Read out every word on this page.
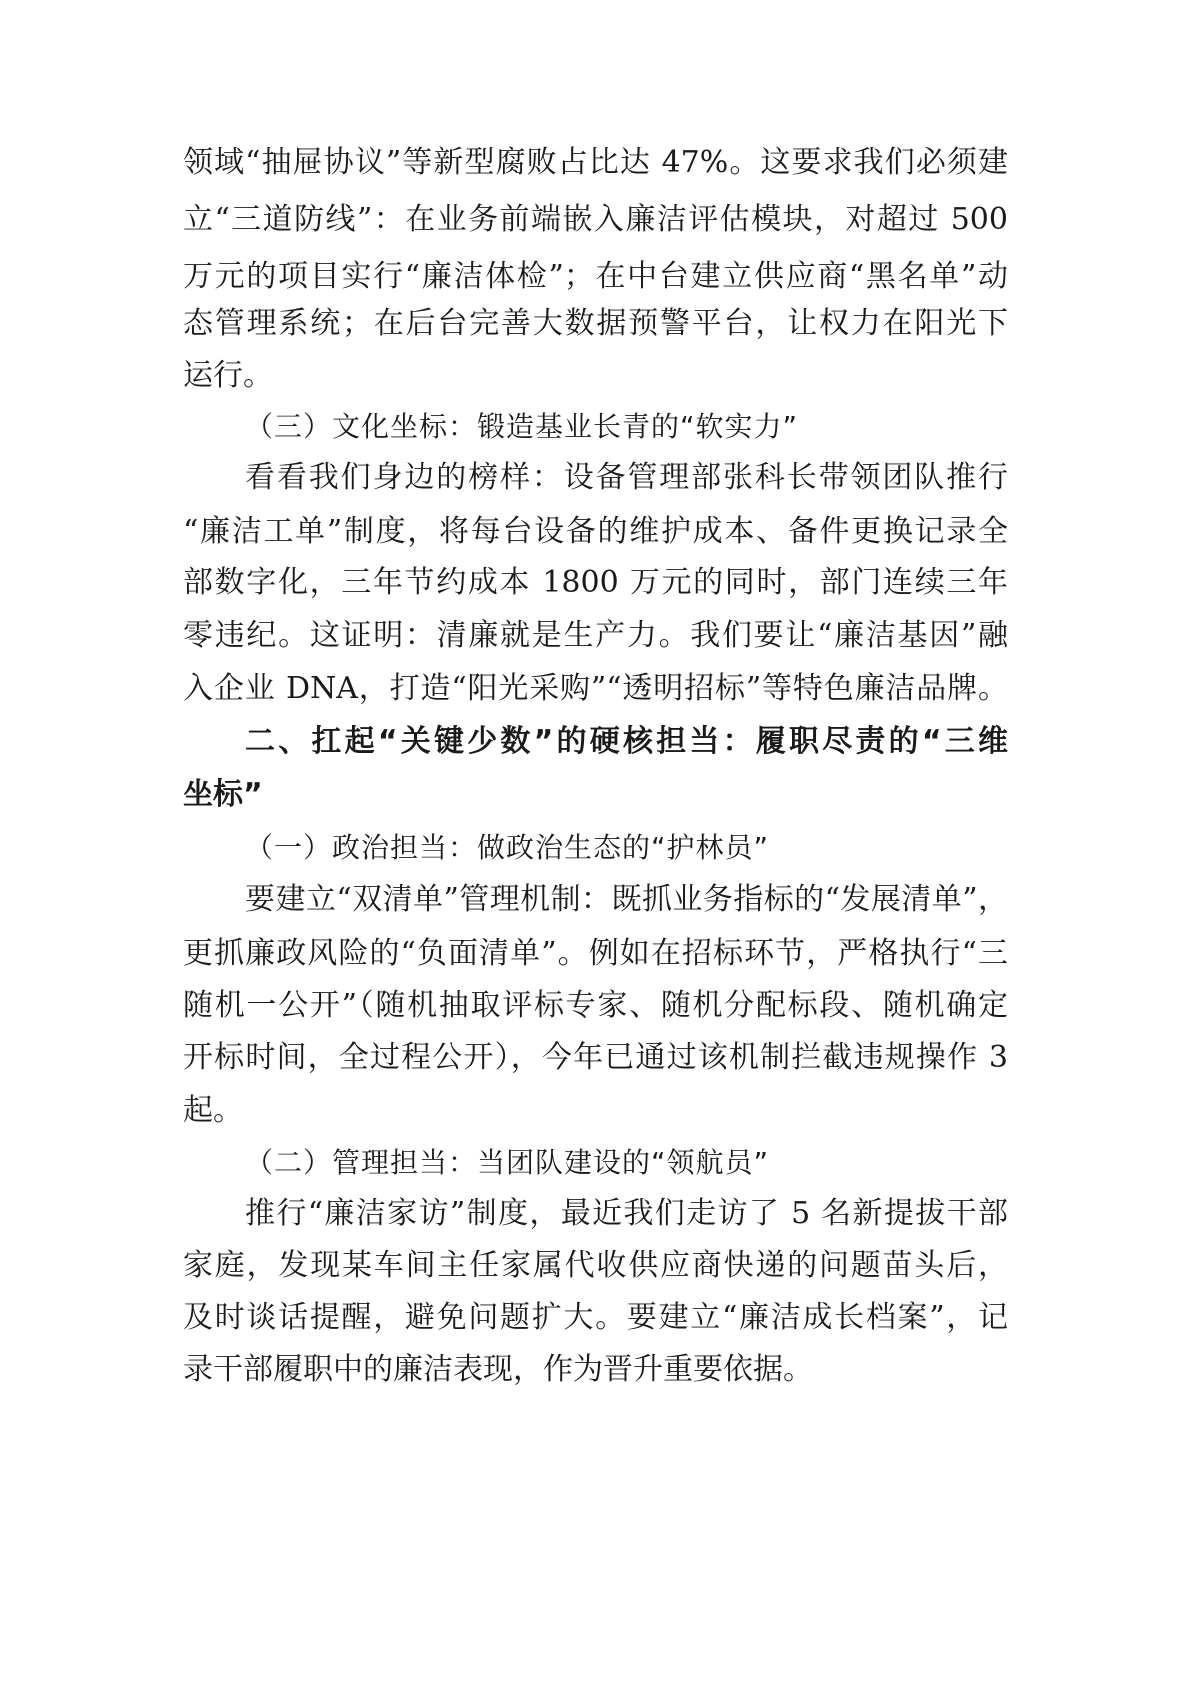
领域“抽屉协议”等新型腐败占比达 47%。这要求我们必须建
立“三道防线”：在业务前端嵌入廉洁评估模块，对超过 500
万元的项目实行“廉洁体检”；在中台建立供应商“黑名单”动
态管理系统；在后台完善大数据预警平台，让权力在阳光下
运行。
（三）文化坐标：锻造基业长青的“软实力”
看看我们身边的榜样：设备管理部张科长带领团队推行
“廉洁工单”制度，将每台设备的维护成本、备件更换记录全
部数字化，三年节约成本 1800 万元的同时，部门连续三年
零违纪。这证明：清廉就是生产力。我们要让“廉洁基因”融
入企业 DNA，打造“阳光采购”“透明招标”等特色廉洁品牌。
二、扛起“关键少数”的硬核担当：履职尽责的“三维
坐标”
（一）政治担当：做政治生态的“护林员”
要建立“双清单”管理机制：既抓业务指标的“发展清单”，
更抓廉政风险的“负面清单”。例如在招标环节，严格执行“三
随机一公开”（随机抽取评标专家、随机分配标段、随机确定
开标时间，全过程公开），今年已通过该机制拦截违规操作 3
起。
（二）管理担当：当团队建设的“领航员”
推行“廉洁家访”制度，最近我们走访了 5 名新提拔干部
家庭，发现某车间主任家属代收供应商快递的问题苗头后，
及时谈话提醒，避免问题扩大。要建立“廉洁成长档案”，记
录干部履职中的廉洁表现，作为晋升重要依据。
